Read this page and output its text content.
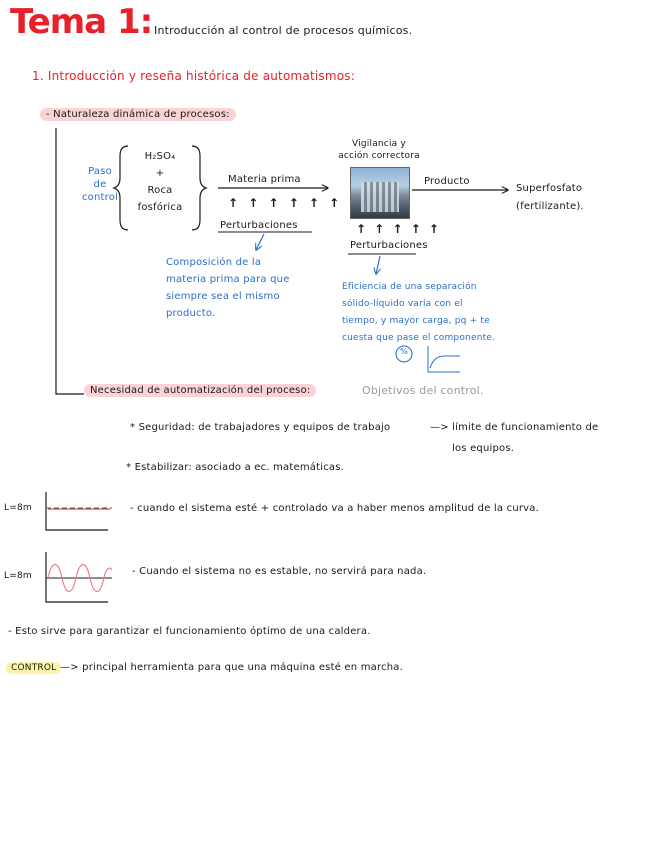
Tema 1: Introducción al control de procesos químicos.
1. Introducción y reseña histórica de automatismos:
- Naturaleza dinámica de procesos:
Paso
de
control
H₂SO₄
+
Roca
fosfórica
Materia prima
↑ ↑ ↑ ↑ ↑ ↑
Perturbaciones
Vigilancia y
acción correctora
Producto
Superfosfato
(fertilizante).
↑ ↑ ↑ ↑ ↑
Perturbaciones
Composición de la
materia prima para que
siempre sea el mismo
producto.
Eficiencia de una separación
sólido-líquido varía con el
tiempo, y mayor carga, pq + te
cuesta que pase el componente.
%
Necesidad de automatización del proceso:	Objetivos del control.
* Seguridad: de trabajadores y equipos de trabajo	—> límite de funcionamiento de
los equipos.
* Estabilizar: asociado a ec. matemáticas.
L=8m	- cuando el sistema esté + controlado va a haber menos amplitud de la curva.
L=8m	- Cuando el sistema no es estable, no servirá para nada.
- Esto sirve para garantizar el funcionamiento óptimo de una caldera.
CONTROL —> principal herramienta para que una máquina esté en marcha.
